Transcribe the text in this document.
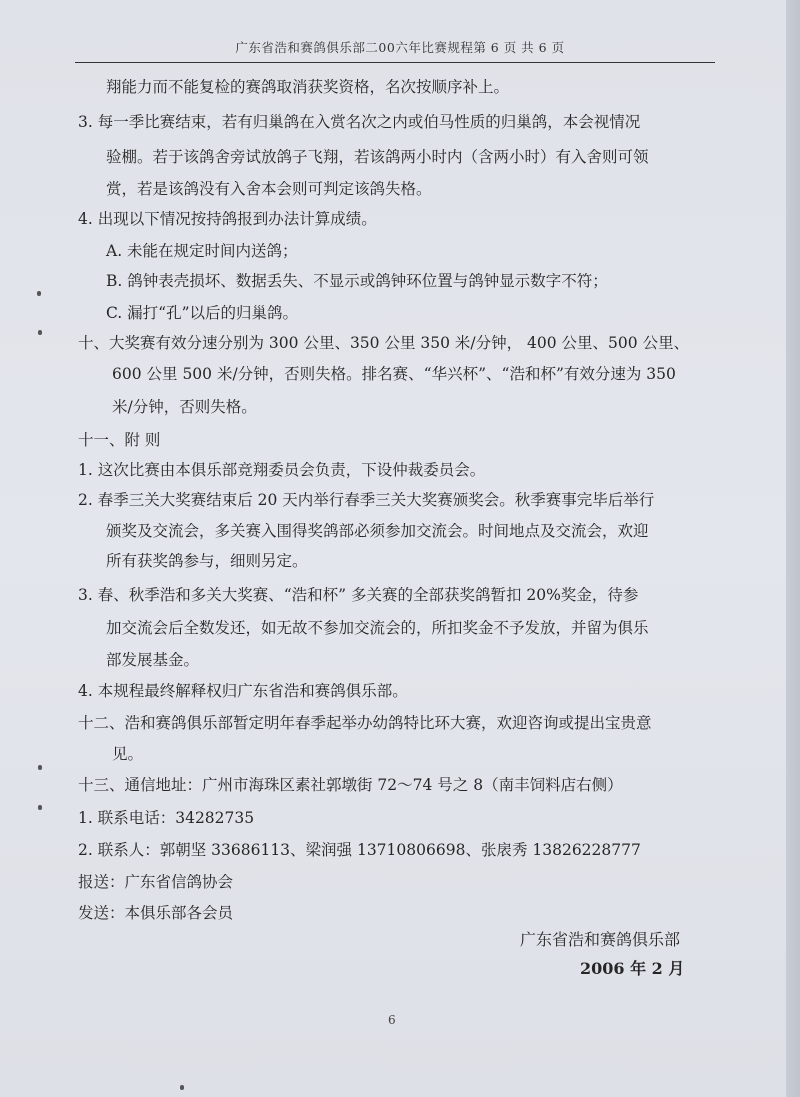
广东省浩和赛鸽俱乐部二00六年比赛规程第 6 页 共 6 页
翔能力而不能复检的赛鸽取消获奖资格，名次按顺序补上。
3. 每一季比赛结束，若有归巢鸽在入赏名次之内或伯马性质的归巢鸽，本会视情况
验棚。若于该鸽舍旁试放鸽子飞翔，若该鸽两小时内（含两小时）有入舍则可领
赏，若是该鸽没有入舍本会则可判定该鸽失格。
4. 出现以下情况按持鸽报到办法计算成绩。
A. 未能在规定时间内送鸽；
B. 鸽钟表壳损坏、数据丢失、不显示或鸽钟环位置与鸽钟显示数字不符；
C. 漏打“孔”以后的归巢鸽。
十、大奖赛有效分速分别为 300 公里、350 公里 350 米/分钟， 400 公里、500 公里、
600 公里 500 米/分钟，否则失格。排名赛、“华兴杯”、“浩和杯”有效分速为 350
米/分钟，否则失格。
十一、附 则
1. 这次比赛由本俱乐部竞翔委员会负责，下设仲裁委员会。
2. 春季三关大奖赛结束后 20 天内举行春季三关大奖赛颁奖会。秋季赛事完毕后举行
颁奖及交流会，多关赛入围得奖鸽部必须参加交流会。时间地点及交流会，欢迎
所有获奖鸽参与，细则另定。
3. 春、秋季浩和多关大奖赛、“浩和杯” 多关赛的全部获奖鸽暂扣 20%奖金，待参
加交流会后全数发还，如无故不参加交流会的，所扣奖金不予发放，并留为俱乐
部发展基金。
4. 本规程最终解释权归广东省浩和赛鸽俱乐部。
十二、浩和赛鸽俱乐部暂定明年春季起举办幼鸽特比环大赛，欢迎咨询或提出宝贵意
见。
十三、通信地址：广州市海珠区素社郭墩街 72～74 号之 8（南丰饲料店右侧）
1. 联系电话：34282735
2. 联系人：郭朝坚 33686113、梁润强 13710806698、张扆秀 13826228777
报送：广东省信鸽协会
发送：本俱乐部各会员
广东省浩和赛鸽俱乐部
2006 年 2 月
6
